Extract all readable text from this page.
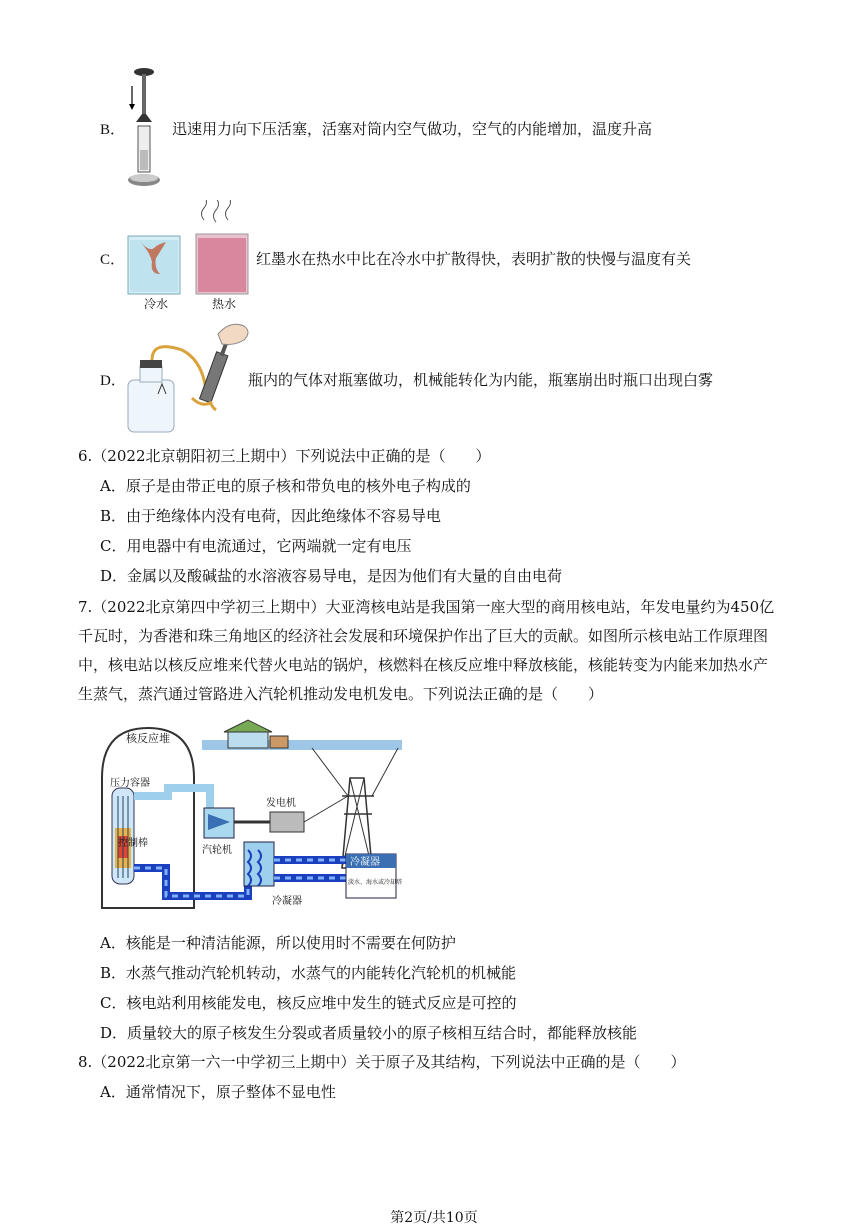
B．	迅速用力向下压活塞，活塞对筒内空气做功，空气的内能增加，温度升高
冷水	热水
C．	红墨水在热水中比在冷水中扩散得快，表明扩散的快慢与温度有关
D．	瓶内的气体对瓶塞做功，机械能转化为内能，瓶塞崩出时瓶口出现白雾
6.（2022北京朝阳初三上期中）下列说法中正确的是（　　）
A．原子是由带正电的原子核和带负电的核外电子构成的
B．由于绝缘体内没有电荷，因此绝缘体不容易导电
C．用电器中有电流通过，它两端就一定有电压
D．金属以及酸碱盐的水溶液容易导电，是因为他们有大量的自由电荷
7.（2022北京第四中学初三上期中）大亚湾核电站是我国第一座大型的商用核电站，年发电量约为450亿
千瓦时，为香港和珠三角地区的经济社会发展和环境保护作出了巨大的贡献。如图所示核电站工作原理图
中，核电站以核反应堆来代替火电站的锅炉，核燃料在核反应堆中释放核能，核能转变为内能来加热水产
生蒸气，蒸汽通过管路进入汽轮机推动发电机发电。下列说法正确的是（　　）
核反应堆
压力容器
控制棒
汽轮机
冷凝器
发电机
冷凝器
淡水、海水或冷却塔
A．核能是一种清洁能源，所以使用时不需要在何防护
B．水蒸气推动汽轮机转动，水蒸气的内能转化汽轮机的机械能
C．核电站利用核能发电，核反应堆中发生的链式反应是可控的
D．质量较大的原子核发生分裂或者质量较小的原子核相互结合时，都能释放核能
8.（2022北京第一六一中学初三上期中）关于原子及其结构，下列说法中正确的是（　　）
A．通常情况下，原子整体不显电性
第2页/共10页
